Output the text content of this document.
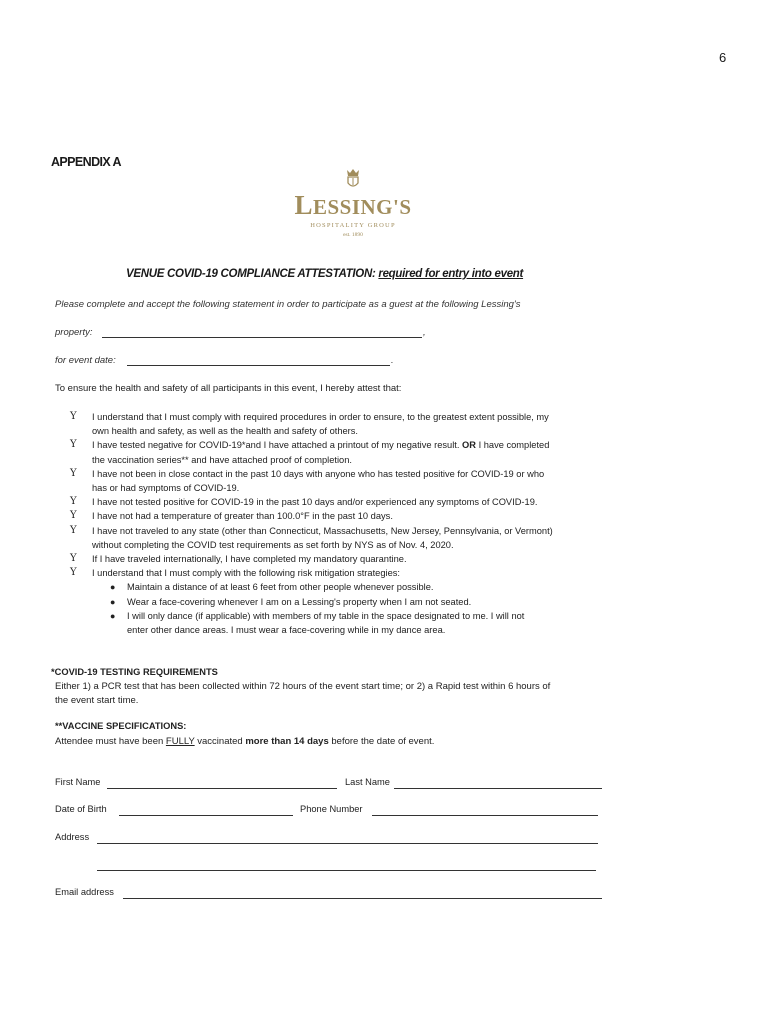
6
APPENDIX A
LESSING'S
HOSPITALITY GROUP
est. 1890
VENUE COVID-19 COMPLIANCE ATTESTATION: required for entry into event
Please complete and accept the following statement in order to participate as a guest at the following Lessing's
property:	,
for event date:	.
To ensure the health and safety of all participants in this event, I hereby attest that:
Y I understand that I must comply with required procedures in order to ensure, to the greatest extent possible, my
own health and safety, as well as the health and safety of others.
Y I have tested negative for COVID-19*and I have attached a printout of my negative result. OR I have completed
the vaccination series** and have attached proof of completion.
Y I have not been in close contact in the past 10 days with anyone who has tested positive for COVID-19 or who
has or had symptoms of COVID-19.
Y I have not tested positive for COVID-19 in the past 10 days and/or experienced any symptoms of COVID-19.
Y I have not had a temperature of greater than 100.0°F in the past 10 days.
Y I have not traveled to any state (other than Connecticut, Massachusetts, New Jersey, Pennsylvania, or Vermont)
without completing the COVID test requirements as set forth by NYS as of Nov. 4, 2020.
Y If I have traveled internationally, I have completed my mandatory quarantine.
Y I understand that I must comply with the following risk mitigation strategies:
● Maintain a distance of at least 6 feet from other people whenever possible.
● Wear a face-covering whenever I am on a Lessing's property when I am not seated.
● I will only dance (if applicable) with members of my table in the space designated to me. I will not
enter other dance areas. I must wear a face-covering while in my dance area.
*COVID-19 TESTING REQUIREMENTS
Either 1) a PCR test that has been collected within 72 hours of the event start time; or 2) a Rapid test within 6 hours of
the event start time.
**VACCINE SPECIFICATIONS:
Attendee must have been FULLY vaccinated more than 14 days before the date of event.
First Name	Last Name
Date of Birth	Phone Number
Address
Email address
